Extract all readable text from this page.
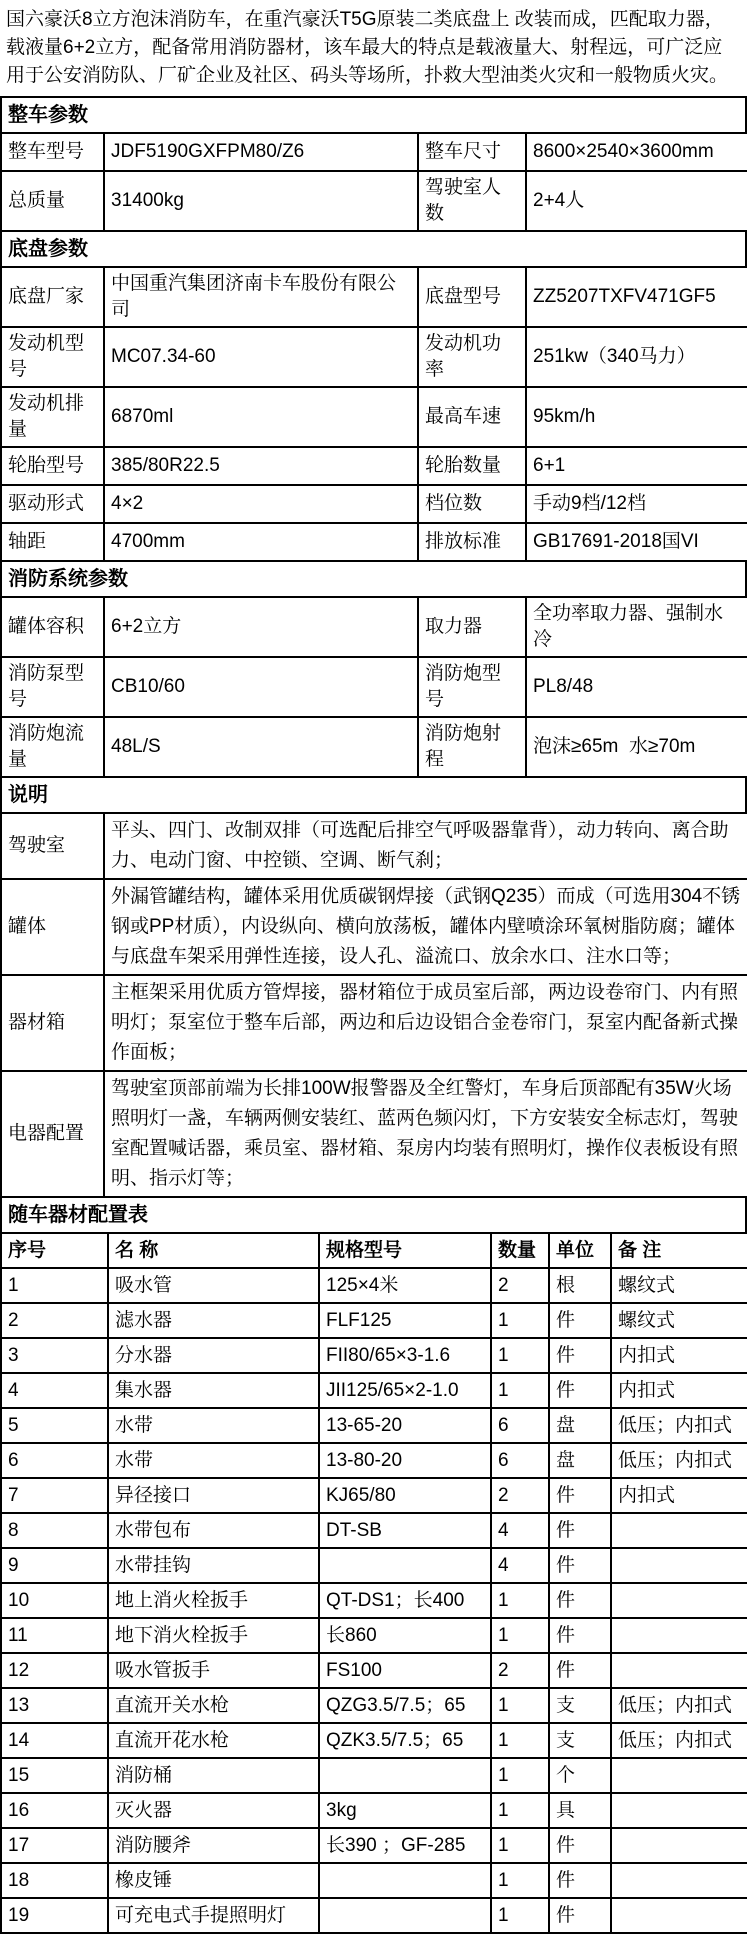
国六豪沃8立方泡沫消防车，在重汽豪沃T5G原装二类底盘上 改装而成，匹配取力器，载液量6+2立方，配备常用消防器材，该车最大的特点是载液量大、射程远，可广泛应用于公安消防队、厂矿企业及社区、码头等场所，扑救大型油类火灾和一般物质火灾。
整车参数
整车型号	JDF5190GXFPM80/Z6	整车尺寸	8600×2540×3600mm
总质量	31400kg	驾驶室人数	2+4人
底盘参数
底盘厂家	中国重汽集团济南卡车股份有限公司	底盘型号	ZZ5207TXFV471GF5
发动机型号	MC07.34-60	发动机功率	251kw（340马力）
发动机排量	6870ml	最高车速	95km/h
轮胎型号	385/80R22.5	轮胎数量	6+1
驱动形式	4×2	档位数	手动9档/12档
轴距	4700mm	排放标准	GB17691-2018国VI
消防系统参数
罐体容积	6+2立方	取力器	全功率取力器、强制水冷
消防泵型号	CB10/60	消防炮型号	PL8/48
消防炮流量	48L/S	消防炮射程	泡沫≥65m  水≥70m
说明
驾驶室	平头、四门、改制双排（可选配后排空气呼吸器靠背），动力转向、离合助力、电动门窗、中控锁、空调、断气刹；
罐体	外漏管罐结构，罐体采用优质碳钢焊接（武钢Q235）而成（可选用304不锈钢或PP材质），内设纵向、横向放荡板，罐体内壁喷涂环氧树脂防腐；罐体与底盘车架采用弹性连接，设人孔、溢流口、放余水口、注水口等；
器材箱	主框架采用优质方管焊接，器材箱位于成员室后部，两边设卷帘门、内有照明灯；泵室位于整车后部，两边和后边设铝合金卷帘门，泵室内配备新式操作面板；
电器配置	驾驶室顶部前端为长排100W报警器及全红警灯，车身后顶部配有35W火场照明灯一盏，车辆两侧安装红、蓝两色频闪灯，下方安装安全标志灯，驾驶室配置喊话器，乘员室、器材箱、泵房内均装有照明灯，操作仪表板设有照明、指示灯等；
随车器材配置表
序号	名 称	规格型号	数量	单位	备 注
1	吸水管	125×4米	2	根	螺纹式
2	滤水器	FLF125	1	件	螺纹式
3	分水器	FII80/65×3-1.6	1	件	内扣式
4	集水器	JII125/65×2-1.0	1	件	内扣式
5	水带	13-65-20	6	盘	低压；内扣式
6	水带	13-80-20	6	盘	低压；内扣式
7	异径接口	KJ65/80	2	件	内扣式
8	水带包布	DT-SB	4	件	
9	水带挂钩		4	件	
10	地上消火栓扳手	QT-DS1；长400	1	件	
11	地下消火栓扳手	长860	1	件	
12	吸水管扳手	FS100	2	件	
13	直流开关水枪	QZG3.5/7.5；65	1	支	低压；内扣式
14	直流开花水枪	QZK3.5/7.5；65	1	支	低压；内扣式
15	消防桶		1	个	
16	灭火器	3kg	1	具	
17	消防腰斧	长390 ；GF-285	1	件	
18	橡皮锤		1	件	
19	可充电式手提照明灯		1	件	
